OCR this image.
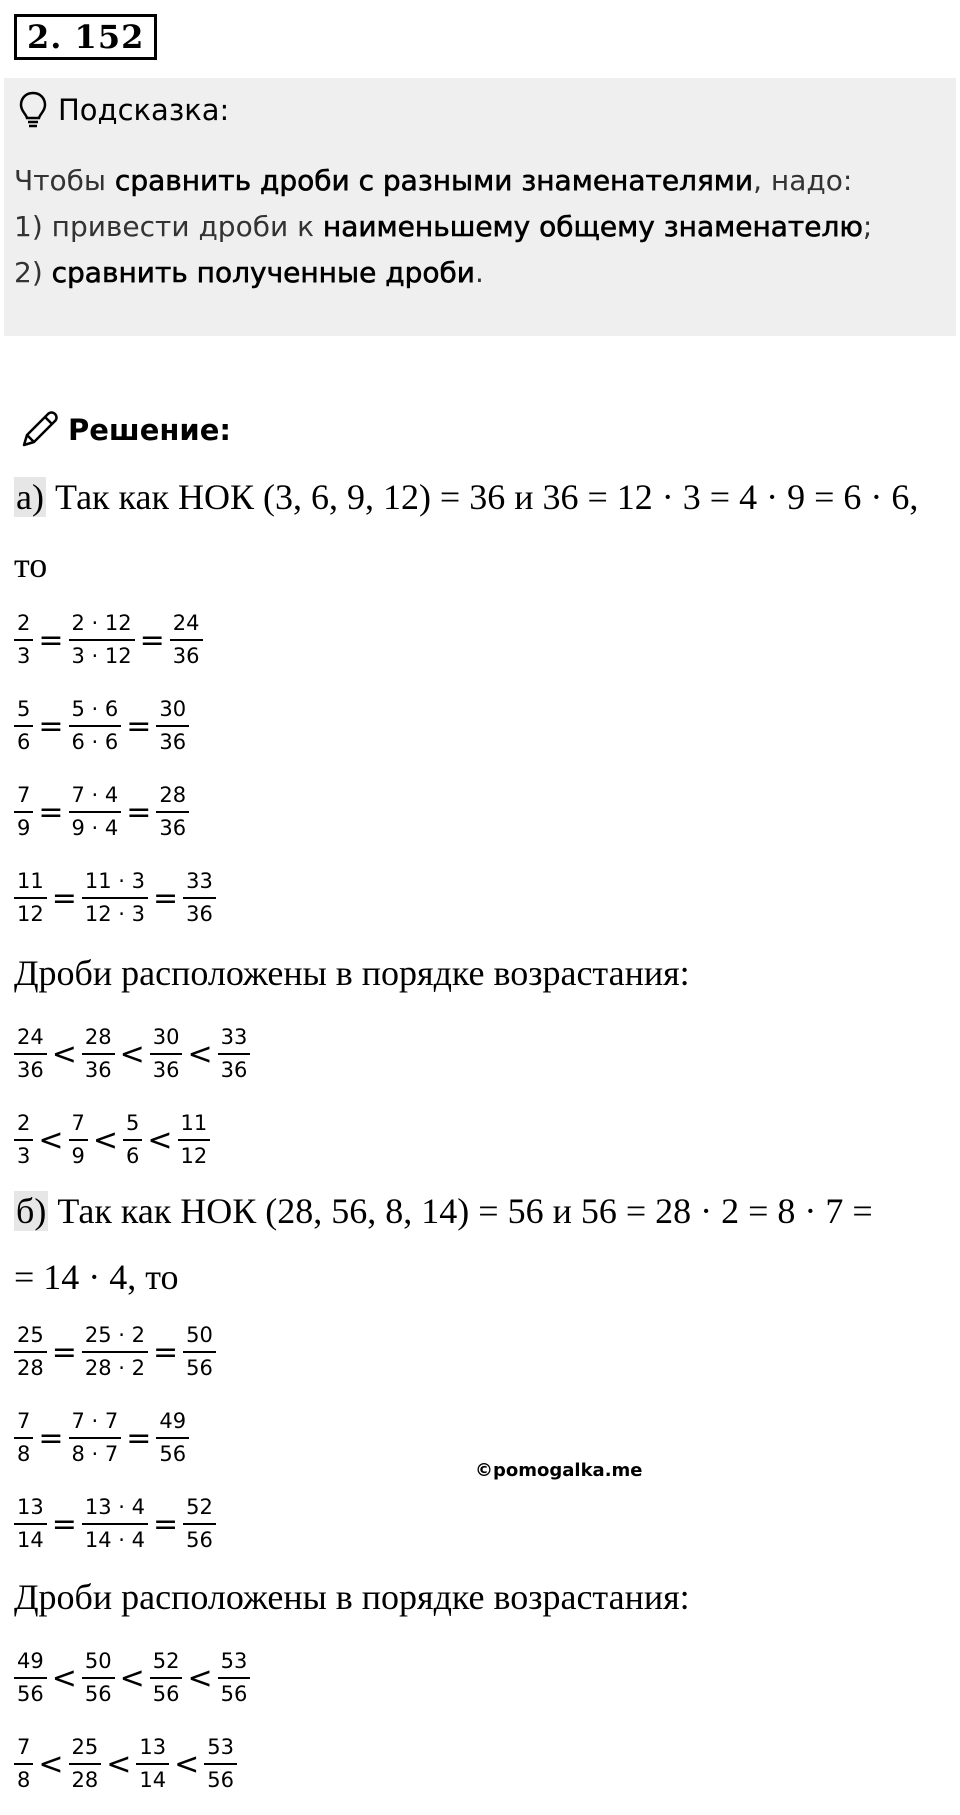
2. 152
Подсказка:
Чтобы сравнить дроби с разными знаменателями, надо:
1) привести дроби к наименьшему общему знаменателю;
2) сравнить полученные дроби.
Решение:
а) Так как НОК (3, 6, 9, 12) = 36 и 36 = 12 · 3 = 4 · 9 = 6 · 6,
то
$\frac{2}{3} = \frac{2 \cdot 12}{3 \cdot 12} = \frac{24}{36}$
$\frac{5}{6} = \frac{5 \cdot 6}{6 \cdot 6} = \frac{30}{36}$
$\frac{7}{9} = \frac{7 \cdot 4}{9 \cdot 4} = \frac{28}{36}$
$\frac{11}{12} = \frac{11 \cdot 3}{12 \cdot 3} = \frac{33}{36}$
Дроби расположены в порядке возрастания:
$\frac{24}{36} < \frac{28}{36} < \frac{30}{36} < \frac{33}{36}$
$\frac{2}{3} < \frac{7}{9} < \frac{5}{6} < \frac{11}{12}$
б) Так как НОК (28, 56, 8, 14) = 56 и 56 = 28 · 2 = 8 · 7 =
= 14 · 4, то
$\frac{25}{28} = \frac{25 \cdot 2}{28 \cdot 2} = \frac{50}{56}$
$\frac{7}{8} = \frac{7 \cdot 7}{8 \cdot 7} = \frac{49}{56}$
$\frac{13}{14} = \frac{13 \cdot 4}{14 \cdot 4} = \frac{52}{56}$
©pomogalka.me
Дроби расположены в порядке возрастания:
$\frac{49}{56} < \frac{50}{56} < \frac{52}{56} < \frac{53}{56}$
$\frac{7}{8} < \frac{25}{28} < \frac{13}{14} < \frac{53}{56}$
